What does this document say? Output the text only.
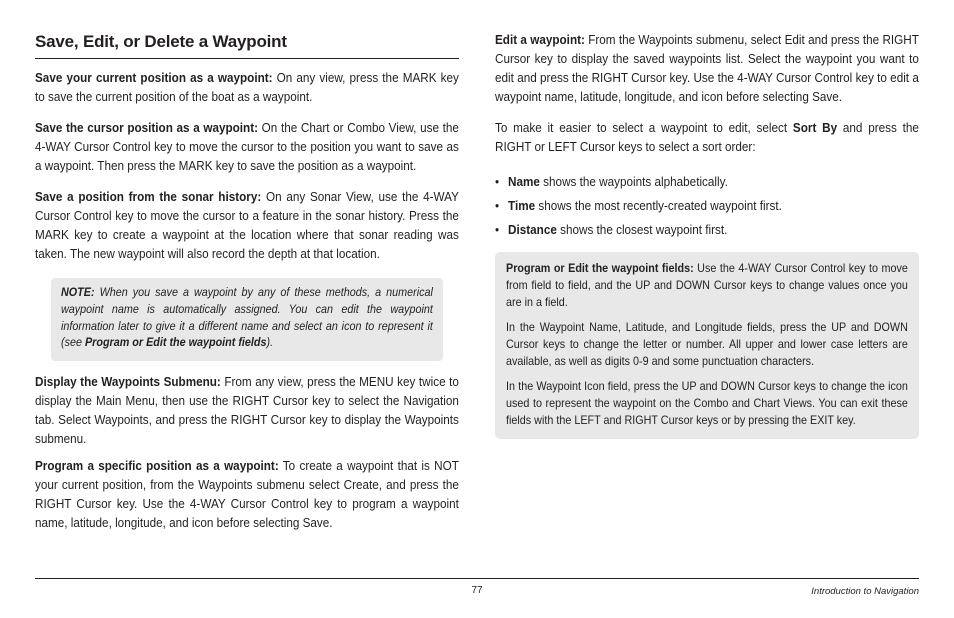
Save, Edit, or Delete a Waypoint

Save your current position as a waypoint: On any view, press the MARK key to save the current position of the boat as a waypoint.

Save the cursor position as a waypoint: On the Chart or Combo View, use the 4-WAY Cursor Control key to move the cursor to the position you want to save as a waypoint. Then press the MARK key to save the position as a waypoint.

Save a position from the sonar history: On any Sonar View, use the 4-WAY Cursor Control key to move the cursor to a feature in the sonar history. Press the MARK key to create a waypoint at the location where that sonar reading was taken. The new waypoint will also record the depth at that location.

NOTE: When you save a waypoint by any of these methods, a numerical waypoint name is automatically assigned. You can edit the waypoint information later to give it a different name and select an icon to represent it (see Program or Edit the waypoint fields).

Display the Waypoints Submenu: From any view, press the MENU key twice to display the Main Menu, then use the RIGHT Cursor key to select the Navigation tab. Select Waypoints, and press the RIGHT Cursor key to display the Waypoints submenu.

Program a specific position as a waypoint: To create a waypoint that is NOT your current position, from the Waypoints submenu select Create, and press the RIGHT Cursor key. Use the 4-WAY Cursor Control key to program a waypoint name, latitude, longitude, and icon before selecting Save.

Edit a waypoint: From the Waypoints submenu, select Edit and press the RIGHT Cursor key to display the saved waypoints list. Select the waypoint you want to edit and press the RIGHT Cursor key. Use the 4-WAY Cursor Control key to edit a waypoint name, latitude, longitude, and icon before selecting Save.

To make it easier to select a waypoint to edit, select Sort By and press the RIGHT or LEFT Cursor keys to select a sort order:

• Name shows the waypoints alphabetically.
• Time shows the most recently-created waypoint first.
• Distance shows the closest waypoint first.

Program or Edit the waypoint fields: Use the 4-WAY Cursor Control key to move from field to field, and the UP and DOWN Cursor keys to change values once you are in a field.

In the Waypoint Name, Latitude, and Longitude fields, press the UP and DOWN Cursor keys to change the letter or number. All upper and lower case letters are available, as well as digits 0-9 and some punctuation characters.

In the Waypoint Icon field, press the UP and DOWN Cursor keys to change the icon used to represent the waypoint on the Combo and Chart Views. You can exit these fields with the LEFT and RIGHT Cursor keys or by pressing the EXIT key.

77	Introduction to Navigation
